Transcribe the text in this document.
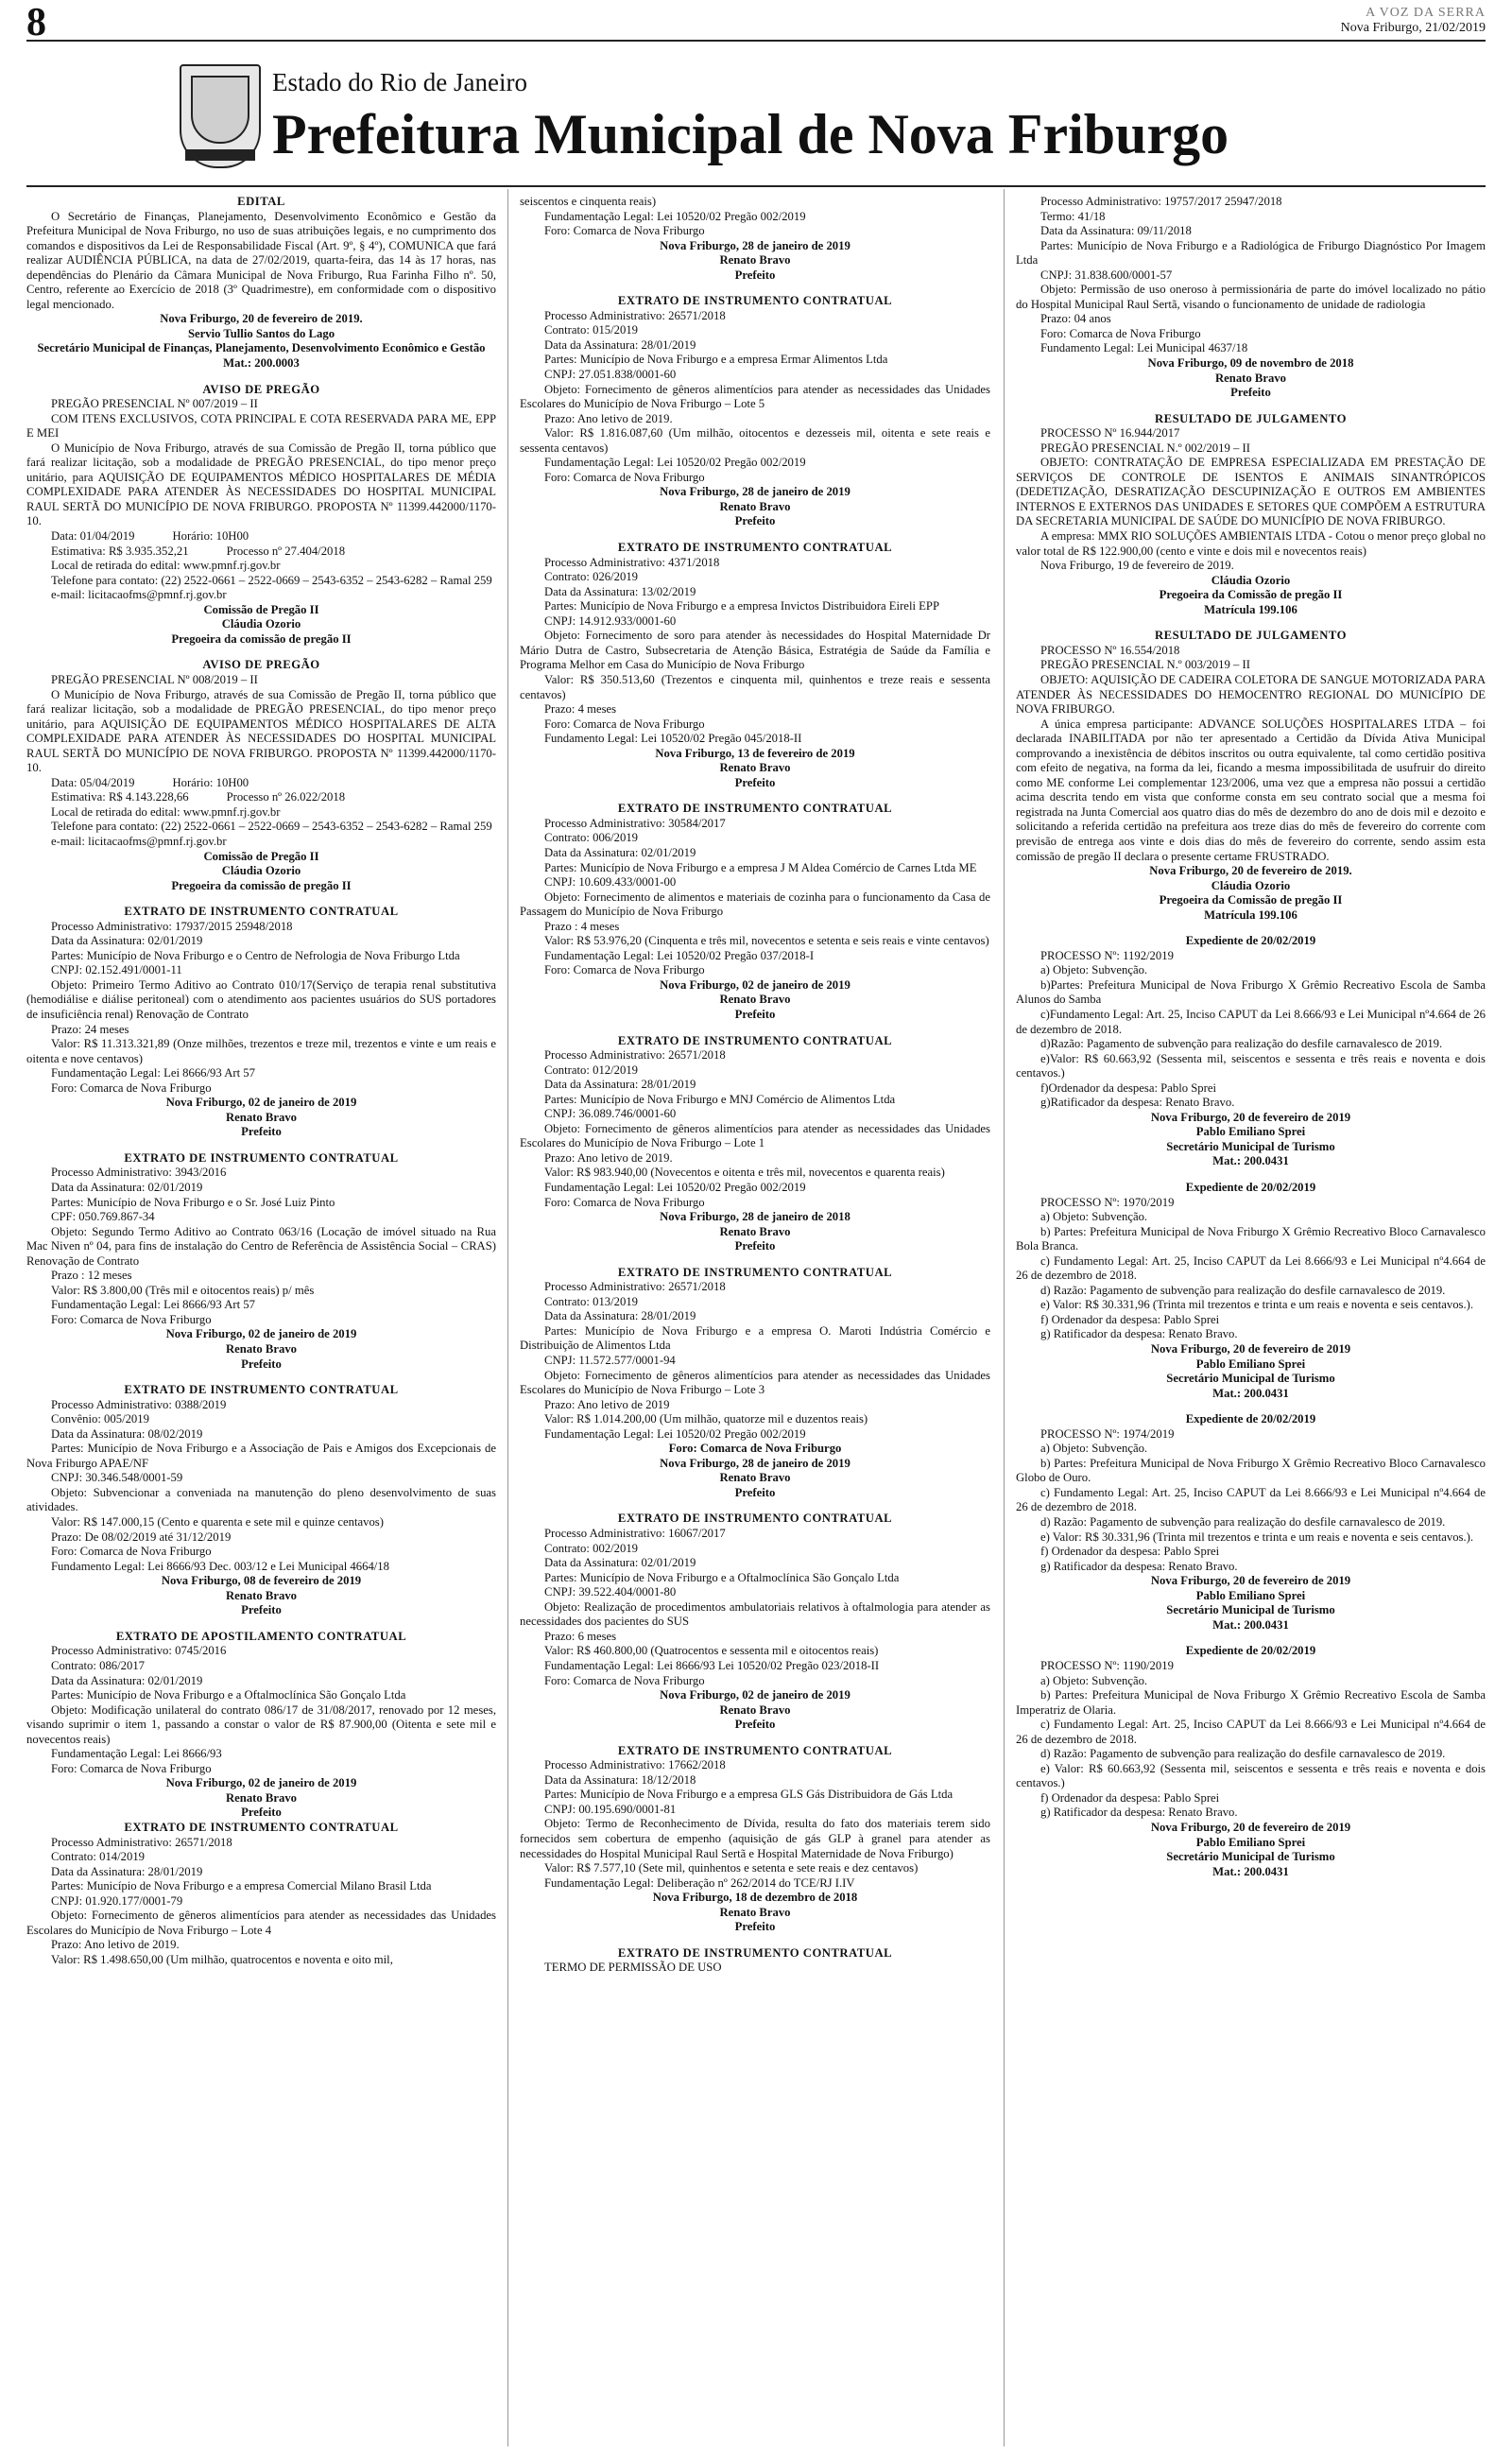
8	A VOZ DA SERRA
Nova Friburgo, 21/02/2019
Estado do Rio de Janeiro
Prefeitura Municipal de Nova Friburgo
EDITAL
O Secretário de Finanças, Planejamento, Desenvolvimento Econômico e Gestão da Prefeitura Municipal de Nova Friburgo, no uso de suas atribuições legais, e no cumprimento dos comandos e dispositivos da Lei de Responsabilidade Fiscal (Art. 9º, § 4º), COMUNICA que fará realizar AUDIÊNCIA PÚBLICA, na data de 27/02/2019, quarta-feira, das 14 às 17 horas, nas dependências do Plenário da Câmara Municipal de Nova Friburgo, Rua Farinha Filho nº. 50, Centro, referente ao Exercício de 2018 (3º Quadrimestre), em conformidade com o dispositivo legal mencionado.
Nova Friburgo, 20 de fevereiro de 2019.
Servio Tullio Santos do Lago
Secretário Municipal de Finanças, Planejamento, Desenvolvimento Econômico e Gestão
Mat.: 200.0003
AVISO DE PREGÃO
PREGÃO PRESENCIAL Nº 007/2019 – II
COM ITENS EXCLUSIVOS, COTA PRINCIPAL E COTA RESERVADA PARA ME, EPP E MEI
O Município de Nova Friburgo, através de sua Comissão de Pregão II, torna público que fará realizar licitação, sob a modalidade de PREGÃO PRESENCIAL, do tipo menor preço unitário, para AQUISIÇÃO DE EQUIPAMENTOS MÉDICO HOSPITALARES DE MÉDIA COMPLEXIDADE PARA ATENDER ÀS NECESSIDADES DO HOSPITAL MUNICIPAL RAUL SERTÃ DO MUNICÍPIO DE NOVA FRIBURGO. PROPOSTA Nº 11399.442000/1170-10.
Data: 01/04/2019	Horário: 10H00
Estimativa: R$ 3.935.352,21	Processo nº 27.404/2018
Local de retirada do edital: www.pmnf.rj.gov.br
Telefone para contato: (22) 2522-0661 – 2522-0669 – 2543-6352 – 2543-6282 – Ramal 259
e-mail: licitacaofms@pmnf.rj.gov.br
Comissão de Pregão II
Cláudia Ozorio
Pregoeira da comissão de pregão II
AVISO DE PREGÃO
PREGÃO PRESENCIAL Nº 008/2019 – II
O Município de Nova Friburgo, através de sua Comissão de Pregão II, torna público que fará realizar licitação, sob a modalidade de PREGÃO PRESENCIAL, do tipo menor preço unitário, para AQUISIÇÃO DE EQUIPAMENTOS MÉDICO HOSPITALARES DE ALTA COMPLEXIDADE PARA ATENDER ÀS NECESSIDADES DO HOSPITAL MUNICIPAL RAUL SERTÃ DO MUNICÍPIO DE NOVA FRIBURGO. PROPOSTA Nº 11399.442000/1170-10.
Data: 05/04/2019	Horário: 10H00
Estimativa: R$ 4.143.228,66	Processo nº 26.022/2018
Local de retirada do edital: www.pmnf.rj.gov.br
Telefone para contato: (22) 2522-0661 – 2522-0669 – 2543-6352 – 2543-6282 – Ramal 259
e-mail: licitacaofms@pmnf.rj.gov.br
Comissão de Pregão II
Cláudia Ozorio
Pregoeira da comissão de pregão II
EXTRATO DE INSTRUMENTO CONTRATUAL
Processo Administrativo: 17937/2015 25948/2018
Data da Assinatura: 02/01/2019
Partes: Município de Nova Friburgo e o Centro de Nefrologia de Nova Friburgo Ltda
CNPJ: 02.152.491/0001-11
Objeto: Primeiro Termo Aditivo ao Contrato 010/17(Serviço de terapia renal substitutiva (hemodiálise e diálise peritoneal) com o atendimento aos pacientes usuários do SUS portadores de insuficiência renal) Renovação de Contrato
Prazo: 24 meses
Valor: R$ 11.313.321,89 (Onze milhões, trezentos e treze mil, trezentos e vinte e um reais e oitenta e nove centavos)
Fundamentação Legal: Lei 8666/93 Art 57
Foro: Comarca de Nova Friburgo
Nova Friburgo, 02 de janeiro de 2019
Renato Bravo
Prefeito
EXTRATO DE INSTRUMENTO CONTRATUAL
Processo Administrativo: 3943/2016
Data da Assinatura: 02/01/2019
Partes: Município de Nova Friburgo e o Sr. José Luiz Pinto
CPF: 050.769.867-34
Objeto: Segundo Termo Aditivo ao Contrato 063/16 (Locação de imóvel situado na Rua Mac Niven nº 04, para fins de instalação do Centro de Referência de Assistência Social – CRAS) Renovação de Contrato
Prazo : 12 meses
Valor: R$ 3.800,00 (Três mil e oitocentos reais) p/ mês
Fundamentação Legal: Lei 8666/93 Art 57
Foro: Comarca de Nova Friburgo
Nova Friburgo, 02 de janeiro de 2019
Renato Bravo
Prefeito
EXTRATO DE INSTRUMENTO CONTRATUAL
Processo Administrativo: 0388/2019
Convênio: 005/2019
Data da Assinatura: 08/02/2019
Partes: Município de Nova Friburgo e a Associação de Pais e Amigos dos Excepcionais de Nova Friburgo APAE/NF
CNPJ: 30.346.548/0001-59
Objeto: Subvencionar a conveniada na manutenção do pleno desenvolvimento de suas atividades.
Valor: R$ 147.000,15 (Cento e quarenta e sete mil e quinze centavos)
Prazo: De 08/02/2019 até 31/12/2019
Foro: Comarca de Nova Friburgo
Fundamento Legal: Lei 8666/93 Dec. 003/12 e Lei Municipal 4664/18
Nova Friburgo, 08 de fevereiro de 2019
Renato Bravo
Prefeito
EXTRATO DE APOSTILAMENTO CONTRATUAL
Processo Administrativo: 0745/2016
Contrato: 086/2017
Data da Assinatura: 02/01/2019
Partes: Município de Nova Friburgo e a Oftalmoclínica São Gonçalo Ltda
Objeto: Modificação unilateral do contrato 086/17 de 31/08/2017, renovado por 12 meses, visando suprimir o item 1, passando a constar o valor de R$ 87.900,00 (Oitenta e sete mil e novecentos reais)
Fundamentação Legal: Lei 8666/93
Foro: Comarca de Nova Friburgo
Nova Friburgo, 02 de janeiro de 2019
Renato Bravo
Prefeito
EXTRATO DE INSTRUMENTO CONTRATUAL
Processo Administrativo: 26571/2018
Contrato: 014/2019
Data da Assinatura: 28/01/2019
Partes: Município de Nova Friburgo e a empresa Comercial Milano Brasil Ltda
CNPJ: 01.920.177/0001-79
Objeto: Fornecimento de gêneros alimentícios para atender as necessidades das Unidades Escolares do Município de Nova Friburgo – Lote 4
Prazo: Ano letivo de 2019.
Valor: R$ 1.498.650,00 (Um milhão, quatrocentos e noventa e oito mil,
seiscentos e cinquenta reais)
Fundamentação Legal: Lei 10520/02 Pregão 002/2019
Foro: Comarca de Nova Friburgo
Nova Friburgo, 28 de janeiro de 2019
Renato Bravo
Prefeito
EXTRATO DE INSTRUMENTO CONTRATUAL
Processo Administrativo: 26571/2018
Contrato: 015/2019
Data da Assinatura: 28/01/2019
Partes: Município de Nova Friburgo e a empresa Ermar Alimentos Ltda
CNPJ: 27.051.838/0001-60
Objeto: Fornecimento de gêneros alimentícios para atender as necessidades das Unidades Escolares do Município de Nova Friburgo – Lote 5
Prazo: Ano letivo de 2019.
Valor: R$ 1.816.087,60 (Um milhão, oitocentos e dezesseis mil, oitenta e sete reais e sessenta centavos)
Fundamentação Legal: Lei 10520/02 Pregão 002/2019
Foro: Comarca de Nova Friburgo
Nova Friburgo, 28 de janeiro de 2019
Renato Bravo
Prefeito
EXTRATO DE INSTRUMENTO CONTRATUAL
Processo Administrativo: 4371/2018
Contrato: 026/2019
Data da Assinatura: 13/02/2019
Partes: Município de Nova Friburgo e a empresa Invictos Distribuidora Eireli EPP
CNPJ: 14.912.933/0001-60
Objeto: Fornecimento de soro para atender às necessidades do Hospital Maternidade Dr Mário Dutra de Castro, Subsecretaria de Atenção Básica, Estratégia de Saúde da Família e Programa Melhor em Casa do Município de Nova Friburgo
Valor: R$ 350.513,60 (Trezentos e cinquenta mil, quinhentos e treze reais e sessenta centavos)
Prazo: 4 meses
Foro: Comarca de Nova Friburgo
Fundamento Legal: Lei 10520/02 Pregão 045/2018-II
Nova Friburgo, 13 de fevereiro de 2019
Renato Bravo
Prefeito
EXTRATO DE INSTRUMENTO CONTRATUAL
Processo Administrativo: 30584/2017
Contrato: 006/2019
Data da Assinatura: 02/01/2019
Partes: Município de Nova Friburgo e a empresa J M Aldea Comércio de Carnes Ltda ME
CNPJ: 10.609.433/0001-00
Objeto: Fornecimento de alimentos e materiais de cozinha para o funcionamento da Casa de Passagem do Município de Nova Friburgo
Prazo : 4 meses
Valor: R$ 53.976,20 (Cinquenta e três mil, novecentos e setenta e seis reais e vinte centavos)
Fundamentação Legal: Lei 10520/02 Pregão 037/2018-I
Foro: Comarca de Nova Friburgo
Nova Friburgo, 02 de janeiro de 2019
Renato Bravo
Prefeito
EXTRATO DE INSTRUMENTO CONTRATUAL
Processo Administrativo: 26571/2018
Contrato: 012/2019
Data da Assinatura: 28/01/2019
Partes: Município de Nova Friburgo e MNJ Comércio de Alimentos Ltda
CNPJ: 36.089.746/0001-60
Objeto: Fornecimento de gêneros alimentícios para atender as necessidades das Unidades Escolares do Município de Nova Friburgo – Lote 1
Prazo: Ano letivo de 2019.
Valor: R$ 983.940,00 (Novecentos e oitenta e três mil, novecentos e quarenta reais)
Fundamentação Legal: Lei 10520/02 Pregão 002/2019
Foro: Comarca de Nova Friburgo
Nova Friburgo, 28 de janeiro de 2018
Renato Bravo
Prefeito
EXTRATO DE INSTRUMENTO CONTRATUAL
Processo Administrativo: 26571/2018
Contrato: 013/2019
Data da Assinatura: 28/01/2019
Partes: Município de Nova Friburgo e a empresa O. Maroti Indústria Comércio e Distribuição de Alimentos Ltda
CNPJ: 11.572.577/0001-94
Objeto: Fornecimento de gêneros alimentícios para atender as necessidades das Unidades Escolares do Município de Nova Friburgo – Lote 3
Prazo: Ano letivo de 2019
Valor: R$ 1.014.200,00 (Um milhão, quatorze mil e duzentos reais)
Fundamentação Legal: Lei 10520/02 Pregão 002/2019
Foro: Comarca de Nova Friburgo
Nova Friburgo, 28 de janeiro de 2019
Renato Bravo
Prefeito
EXTRATO DE INSTRUMENTO CONTRATUAL
Processo Administrativo: 16067/2017
Contrato: 002/2019
Data da Assinatura: 02/01/2019
Partes: Município de Nova Friburgo e a Oftalmoclínica São Gonçalo Ltda
CNPJ: 39.522.404/0001-80
Objeto: Realização de procedimentos ambulatoriais relativos à oftalmologia para atender as necessidades dos pacientes do SUS
Prazo: 6 meses
Valor: R$ 460.800,00 (Quatrocentos e sessenta mil e oitocentos reais)
Fundamentação Legal: Lei 8666/93 Lei 10520/02 Pregão 023/2018-II
Foro: Comarca de Nova Friburgo
Nova Friburgo, 02 de janeiro de 2019
Renato Bravo
Prefeito
EXTRATO DE INSTRUMENTO CONTRATUAL
Processo Administrativo: 17662/2018
Data da Assinatura: 18/12/2018
Partes: Município de Nova Friburgo e a empresa GLS Gás Distribuidora de Gás Ltda
CNPJ: 00.195.690/0001-81
Objeto: Termo de Reconhecimento de Dívida, resulta do fato dos materiais terem sido fornecidos sem cobertura de empenho (aquisição de gás GLP à granel para atender as necessidades do Hospital Municipal Raul Sertã e Hospital Maternidade de Nova Friburgo)
Valor: R$ 7.577,10 (Sete mil, quinhentos e setenta e sete reais e dez centavos)
Fundamentação Legal: Deliberação nº 262/2014 do TCE/RJ I.IV
Nova Friburgo, 18 de dezembro de 2018
Renato Bravo
Prefeito
EXTRATO DE INSTRUMENTO CONTRATUAL
TERMO DE PERMISSÃO DE USO
Processo Administrativo: 19757/2017 25947/2018
Termo: 41/18
Data da Assinatura: 09/11/2018
Partes: Município de Nova Friburgo e a Radiológica de Friburgo Diagnóstico Por Imagem Ltda
CNPJ: 31.838.600/0001-57
Objeto: Permissão de uso oneroso à permissionária de parte do imóvel localizado no pátio do Hospital Municipal Raul Sertã, visando o funcionamento de unidade de radiologia
Prazo: 04 anos
Foro: Comarca de Nova Friburgo
Fundamento Legal: Lei Municipal 4637/18
Nova Friburgo, 09 de novembro de 2018
Renato Bravo
Prefeito
RESULTADO DE JULGAMENTO
PROCESSO Nº 16.944/2017
PREGÃO PRESENCIAL N.º 002/2019 – II
OBJETO: CONTRATAÇÃO DE EMPRESA ESPECIALIZADA EM PRESTAÇÃO DE SERVIÇOS DE CONTROLE DE ISENTOS E ANIMAIS SINANTRÓPICOS (DEDETIZAÇÃO, DESRATIZAÇÃO DESCUPINIZAÇÃO E OUTROS EM AMBIENTES INTERNOS E EXTERNOS DAS UNIDADES E SETORES QUE COMPÕEM A ESTRUTURA DA SECRETARIA MUNICIPAL DE SAÚDE DO MUNICÍPIO DE NOVA FRIBURGO.
A empresa: MMX RIO SOLUÇÕES AMBIENTAIS LTDA - Cotou o menor preço global no valor total de R$ 122.900,00 (cento e vinte e dois mil e novecentos reais)
Nova Friburgo, 19 de fevereiro de 2019.
Cláudia Ozorio
Pregoeira da Comissão de pregão II
Matrícula 199.106
RESULTADO DE JULGAMENTO
PROCESSO Nº 16.554/2018
PREGÃO PRESENCIAL N.º 003/2019 – II
OBJETO: AQUISIÇÃO DE CADEIRA COLETORA DE SANGUE MOTORIZADA PARA ATENDER ÀS NECESSIDADES DO HEMOCENTRO REGIONAL DO MUNICÍPIO DE NOVA FRIBURGO.
A única empresa participante: ADVANCE SOLUÇÕES HOSPITALARES LTDA – foi declarada INABILITADA por não ter apresentado a Certidão da Dívida Ativa Municipal comprovando a inexistência de débitos inscritos ou outra equivalente, tal como certidão positiva com efeito de negativa, na forma da lei, ficando a mesma impossibilitada de usufruir do direito como ME conforme Lei complementar 123/2006, uma vez que a empresa não possui a certidão acima descrita tendo em vista que conforme consta em seu contrato social que a mesma foi registrada na Junta Comercial aos quatro dias do mês de dezembro do ano de dois mil e dezoito e solicitando a referida certidão na prefeitura aos treze dias do mês de fevereiro do corrente com previsão de entrega aos vinte e dois dias do mês de fevereiro do corrente, sendo assim esta comissão de pregão II declara o presente certame FRUSTRADO.
Nova Friburgo, 20 de fevereiro de 2019.
Cláudia Ozorio
Pregoeira da Comissão de pregão II
Matrícula 199.106
Expediente de 20/02/2019
PROCESSO Nº: 1192/2019
a) Objeto: Subvenção.
b)Partes: Prefeitura Municipal de Nova Friburgo X Grêmio Recreativo Escola de Samba Alunos do Samba
c)Fundamento Legal: Art. 25, Inciso CAPUT da Lei 8.666/93 e Lei Municipal nº4.664 de 26 de dezembro de 2018.
d)Razão: Pagamento de subvenção para realização do desfile carnavalesco de 2019.
e)Valor: R$ 60.663,92 (Sessenta mil, seiscentos e sessenta e três reais e noventa e dois centavos.)
f)Ordenador da despesa: Pablo Sprei
g)Ratificador da despesa: Renato Bravo.
Nova Friburgo, 20 de fevereiro de 2019
Pablo Emiliano Sprei
Secretário Municipal de Turismo
Mat.: 200.0431
Expediente de 20/02/2019
PROCESSO Nº: 1970/2019
a) Objeto: Subvenção.
b) Partes: Prefeitura Municipal de Nova Friburgo X Grêmio Recreativo Bloco Carnavalesco Bola Branca.
c) Fundamento Legal: Art. 25, Inciso CAPUT da Lei 8.666/93 e Lei Municipal nº4.664 de 26 de dezembro de 2018.
d) Razão: Pagamento de subvenção para realização do desfile carnavalesco de 2019.
e) Valor: R$ 30.331,96 (Trinta mil trezentos e trinta e um reais e noventa e seis centavos.).
f) Ordenador da despesa: Pablo Sprei
g) Ratificador da despesa: Renato Bravo.
Nova Friburgo, 20 de fevereiro de 2019
Pablo Emiliano Sprei
Secretário Municipal de Turismo
Mat.: 200.0431
Expediente de 20/02/2019
PROCESSO Nº: 1974/2019
a) Objeto: Subvenção.
b) Partes: Prefeitura Municipal de Nova Friburgo X Grêmio Recreativo Bloco Carnavalesco Globo de Ouro.
c) Fundamento Legal: Art. 25, Inciso CAPUT da Lei 8.666/93 e Lei Municipal nº4.664 de 26 de dezembro de 2018.
d) Razão: Pagamento de subvenção para realização do desfile carnavalesco de 2019.
e) Valor: R$ 30.331,96 (Trinta mil trezentos e trinta e um reais e noventa e seis centavos.).
f) Ordenador da despesa: Pablo Sprei
g) Ratificador da despesa: Renato Bravo.
Nova Friburgo, 20 de fevereiro de 2019
Pablo Emiliano Sprei
Secretário Municipal de Turismo
Mat.: 200.0431
Expediente de 20/02/2019
PROCESSO Nº: 1190/2019
a) Objeto: Subvenção.
b) Partes: Prefeitura Municipal de Nova Friburgo X Grêmio Recreativo Escola de Samba Imperatriz de Olaria.
c) Fundamento Legal: Art. 25, Inciso CAPUT da Lei 8.666/93 e Lei Municipal nº4.664 de 26 de dezembro de 2018.
d) Razão: Pagamento de subvenção para realização do desfile carnavalesco de 2019.
e) Valor: R$ 60.663,92 (Sessenta mil, seiscentos e sessenta e três reais e noventa e dois centavos.)
f) Ordenador da despesa: Pablo Sprei
g) Ratificador da despesa: Renato Bravo.
Nova Friburgo, 20 de fevereiro de 2019
Pablo Emiliano Sprei
Secretário Municipal de Turismo
Mat.: 200.0431
